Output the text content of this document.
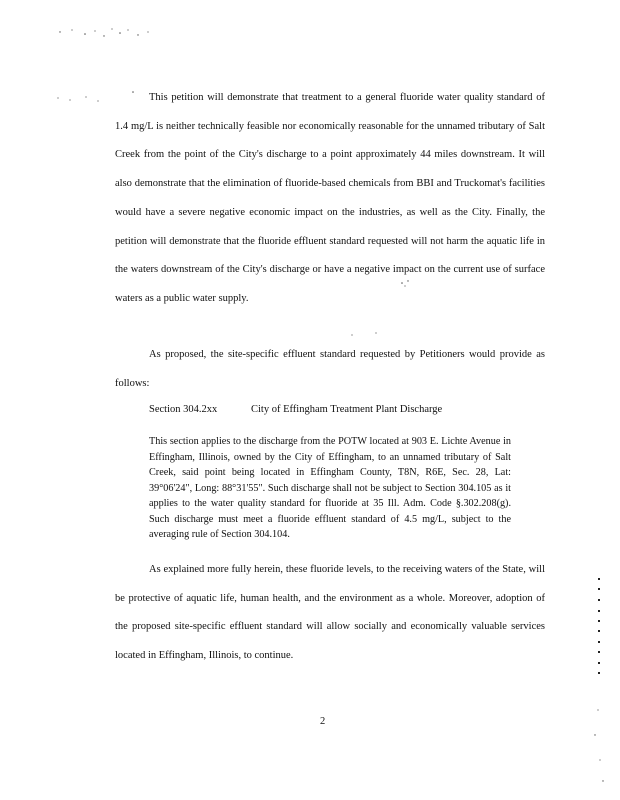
This petition will demonstrate that treatment to a general fluoride water quality standard of 1.4 mg/L is neither technically feasible nor economically reasonable for the unnamed tributary of Salt Creek from the point of the City's discharge to a point approximately 44 miles downstream. It will also demonstrate that the elimination of fluoride-based chemicals from BBI and Truckomat's facilities would have a severe negative economic impact on the industries, as well as the City. Finally, the petition will demonstrate that the fluoride effluent standard requested will not harm the aquatic life in the waters downstream of the City's discharge or have a negative impact on the current use of surface waters as a public water supply.

As proposed, the site-specific effluent standard requested by Petitioners would provide as follows:

Section 304.2xx	City of Effingham Treatment Plant Discharge

This section applies to the discharge from the POTW located at 903 E. Lichte Avenue in Effingham, Illinois, owned by the City of Effingham, to an unnamed tributary of Salt Creek, said point being located in Effingham County, T8N, R6E, Sec. 28, Lat: 39°06'24", Long: 88°31'55". Such discharge shall not be subject to Section 304.105 as it applies to the water quality standard for fluoride at 35 Ill. Adm. Code §.302.208(g). Such discharge must meet a fluoride effluent standard of 4.5 mg/L, subject to the averaging rule of Section 304.104.

As explained more fully herein, these fluoride levels, to the receiving waters of the State, will be protective of aquatic life, human health, and the environment as a whole. Moreover, adoption of the proposed site-specific effluent standard will allow socially and economically valuable services located in Effingham, Illinois, to continue.

2
